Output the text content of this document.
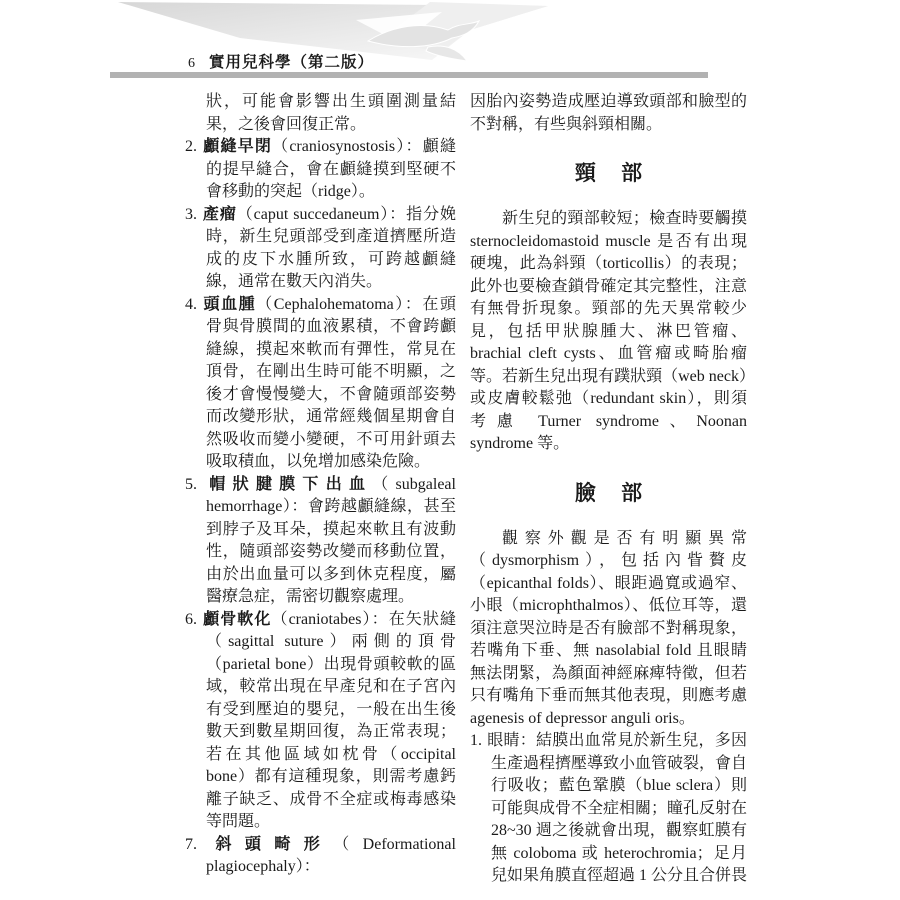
6 實用兒科學（第二版）
狀，可能會影響出生頭圍測量結果，之後會回復正常。
2. 顱縫早閉（craniosynostosis）：顱縫的提早縫合，會在顱縫摸到堅硬不會移動的突起（ridge）。
3. 產瘤（caput succedaneum）：指分娩時，新生兒頭部受到產道擠壓所造成的皮下水腫所致，可跨越顱縫線，通常在數天內消失。
4. 頭血腫（Cephalohematoma）：在頭骨與骨膜間的血液累積，不會跨顱縫線，摸起來軟而有彈性，常見在頂骨，在剛出生時可能不明顯，之後才會慢慢變大，不會隨頭部姿勢而改變形狀，通常經幾個星期會自然吸收而變小變硬，不可用針頭去吸取積血，以免增加感染危險。
5. 帽狀腱膜下出血（subgaleal hemorrhage）：會跨越顱縫線，甚至到脖子及耳朵，摸起來軟且有波動性，隨頭部姿勢改變而移動位置，由於出血量可以多到休克程度，屬醫療急症，需密切觀察處理。
6. 顱骨軟化（craniotabes）：在矢狀縫（sagittal suture）兩側的頂骨（parietal bone）出現骨頭較軟的區域，較常出現在早產兒和在子宮內有受到壓迫的嬰兒，一般在出生後數天到數星期回復，為正常表現；若在其他區域如枕骨（occipital bone）都有這種現象，則需考慮鈣離子缺乏、成骨不全症或梅毒感染等問題。
7. 斜頭畸形（Deformational plagiocephaly）：

因胎內姿勢造成壓迫導致頭部和臉型的不對稱，有些與斜頸相關。

頸 部

新生兒的頸部較短；檢查時要觸摸 sternocleidomastoid muscle 是否有出現硬塊，此為斜頸（torticollis）的表現；此外也要檢查鎖骨確定其完整性，注意有無骨折現象。頸部的先天異常較少見，包括甲狀腺腫大、淋巴管瘤、brachial cleft cysts、血管瘤或畸胎瘤等。若新生兒出現有蹼狀頸（web neck）或皮膚較鬆弛（redundant skin），則須考慮 Turner syndrome、Noonan syndrome 等。

臉 部

觀察外觀是否有明顯異常（dysmorphism），包括內眥贅皮（epicanthal folds）、眼距過寬或過窄、小眼（microphthalmos）、低位耳等，還須注意哭泣時是否有臉部不對稱現象，若嘴角下垂、無 nasolabial fold 且眼睛無法閉緊，為顏面神經麻痺特徵，但若只有嘴角下垂而無其他表現，則應考慮 agenesis of depressor anguli oris。

1. 眼睛：結膜出血常見於新生兒，多因生產過程擠壓導致小血管破裂，會自行吸收；藍色鞏膜（blue sclera）則可能與成骨不全症相關；瞳孔反射在 28~30 週之後就會出現，觀察虹膜有無 coloboma 或 heterochromia；足月兒如果角膜直徑超過 1 公分且合併畏
